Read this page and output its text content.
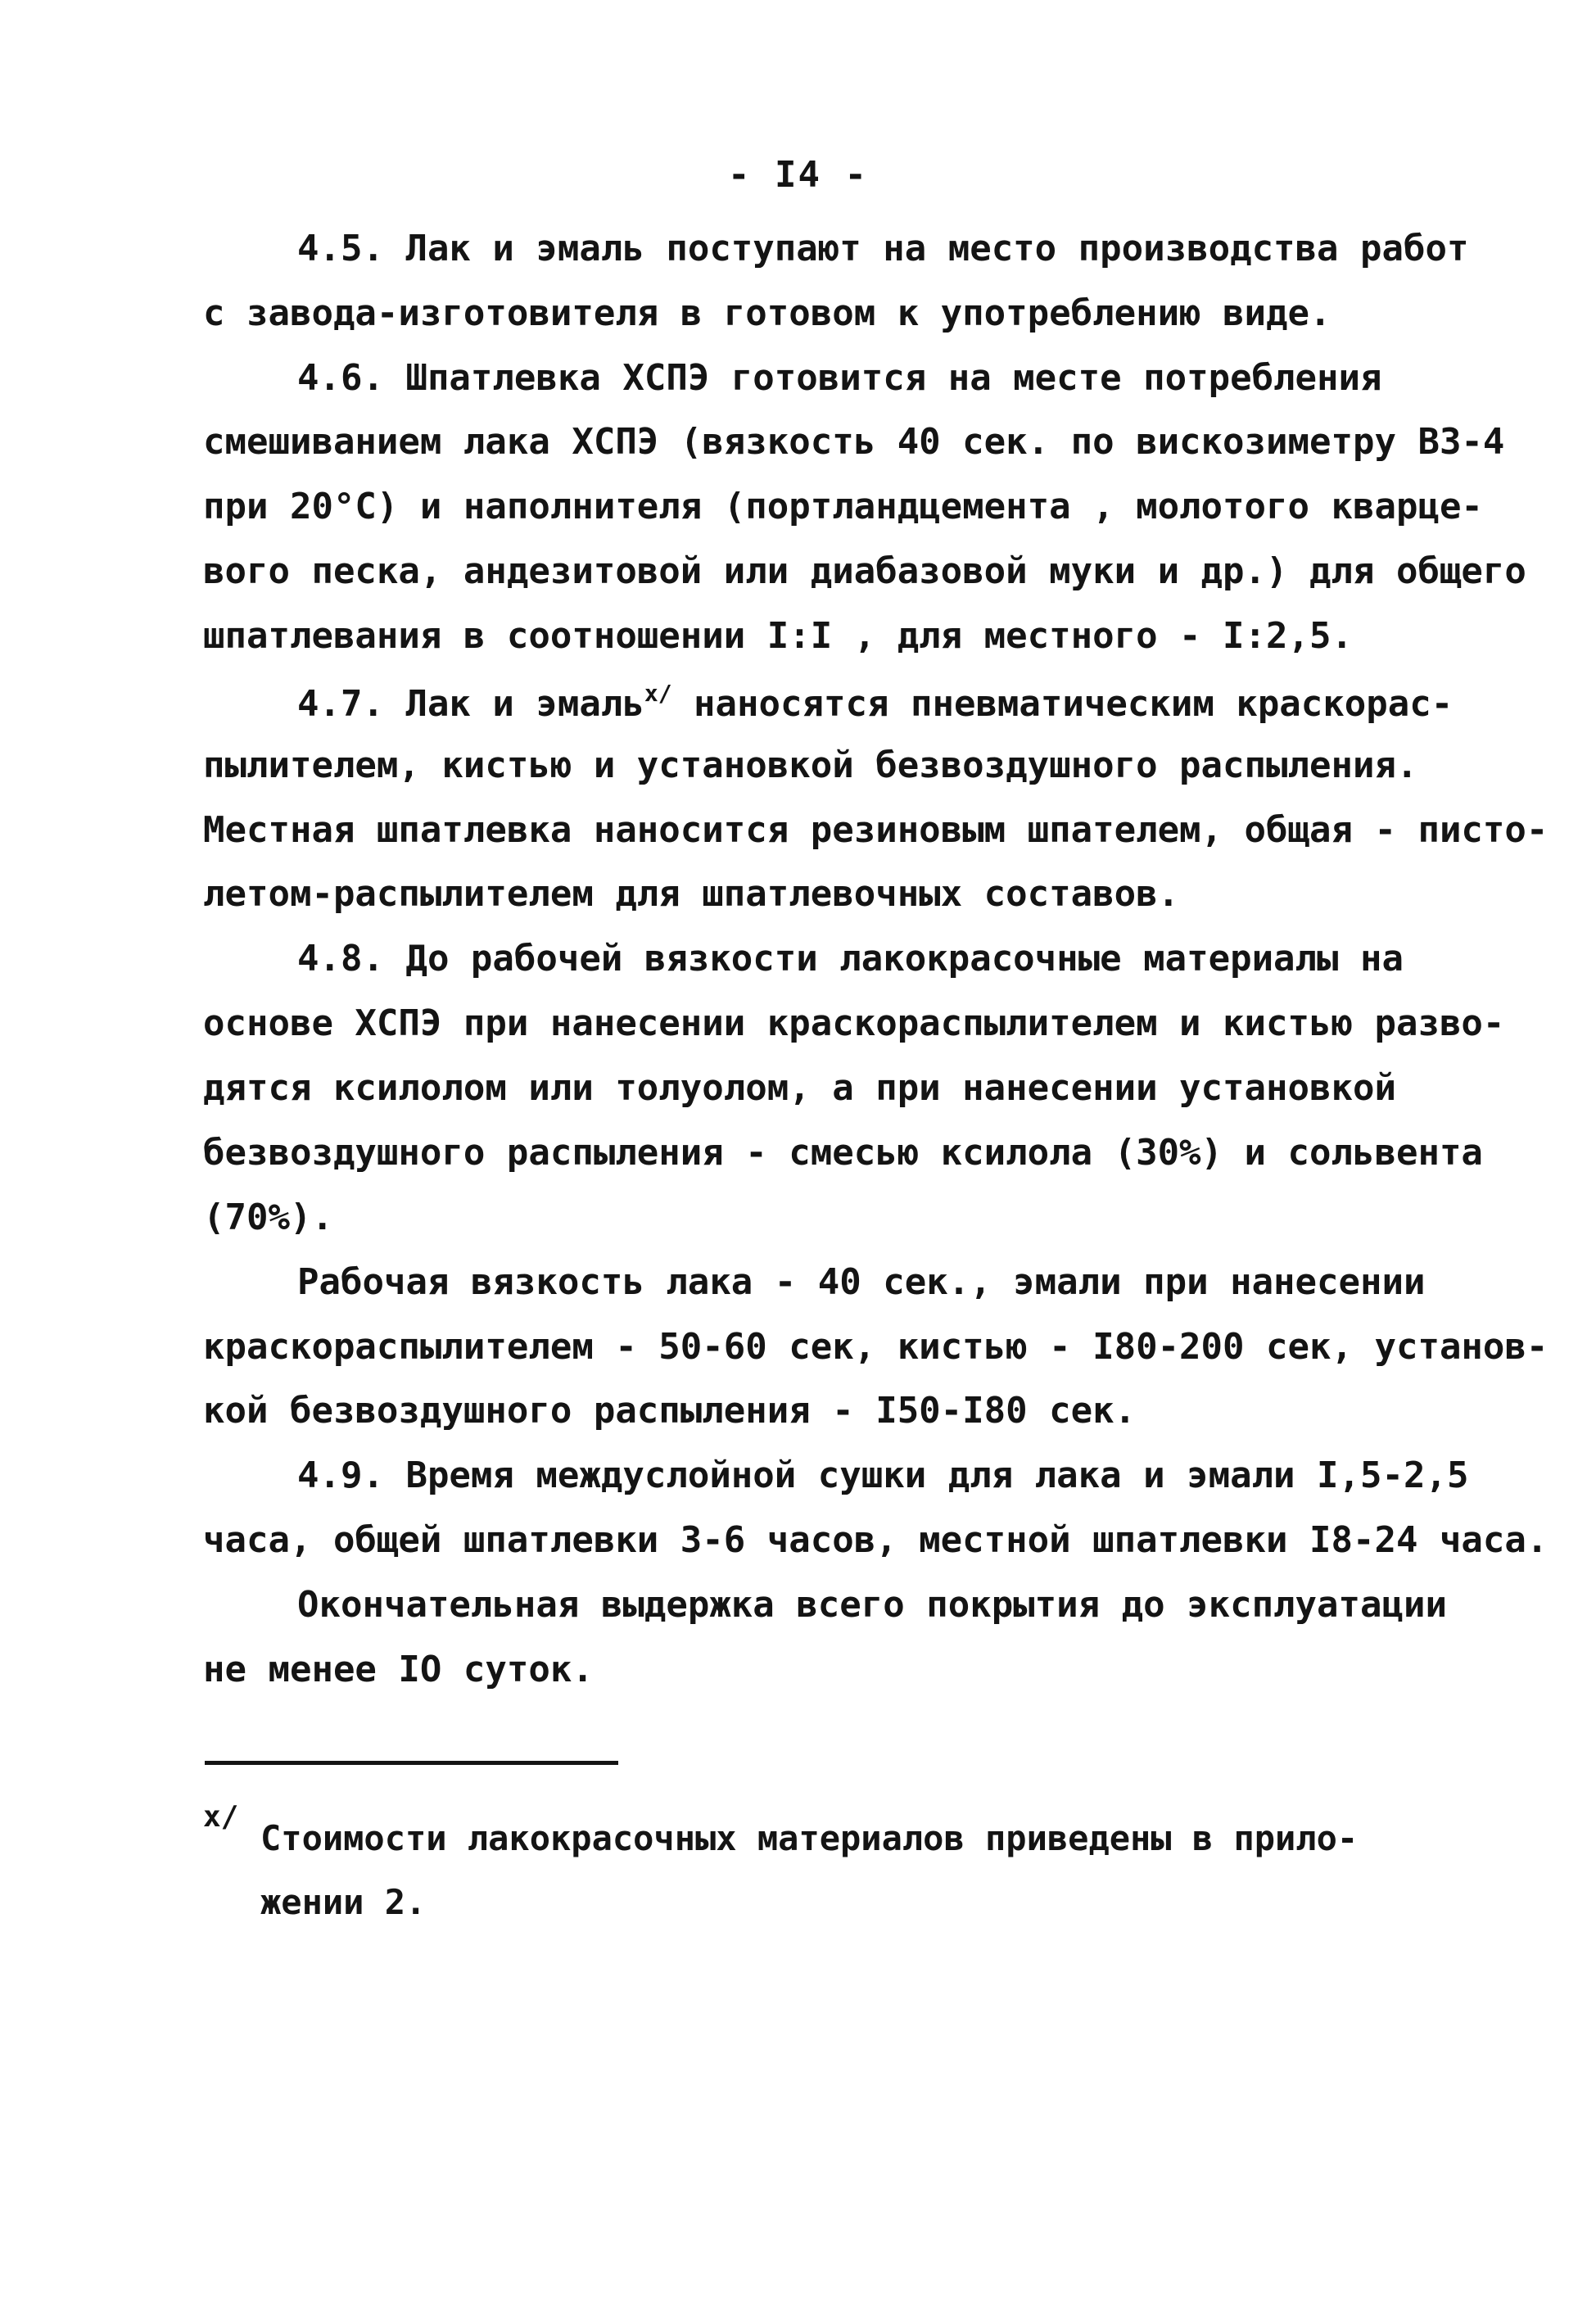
- I4 -
4.5. Лак и эмаль поступают на место производства работ
с завода-изготовителя в готовом к употреблению виде.
4.6. Шпатлевка ХСПЭ готовится на месте потребления
смешиванием лака ХСПЭ (вязкость 40 сек. по вискозиметру ВЗ-4
при 20°С) и наполнителя (портландцемента , молотого кварце-
вого песка, андезитовой или диабазовой муки и др.) для общего
шпатлевания в соотношении I:I , для местного - I:2,5.
4.7. Лак и эмаль$^{x/}$ наносятся пневматическим краскорас-
пылителем, кистью и установкой безвоздушного распыления.
Местная шпатлевка наносится резиновым шпателем, общая - писто-
летом-распылителем для шпатлевочных составов.
4.8. До рабочей вязкости лакокрасочные материалы на
основе ХСПЭ при нанесении краскораспылителем и кистью разво-
дятся ксилолом или толуолом, а при нанесении установкой
безвоздушного распыления - смесью ксилола (30%) и сольвента
(70%).
Рабочая вязкость лака - 40 сек., эмали при нанесении
краскораспылителем - 50-60 сек, кистью - I80-200 сек, установ-
кой безвоздушного распыления - I50-I80 сек.
4.9. Время междуслойной сушки для лака и эмали I,5-2,5
часа, общей шпатлевки 3-6 часов, местной шпатлевки I8-24 часа.
Окончательная выдержка всего покрытия до эксплуатации
не менее IO суток.
x/
Стоимости лакокрасочных материалов приведены в прило-
жении 2.
